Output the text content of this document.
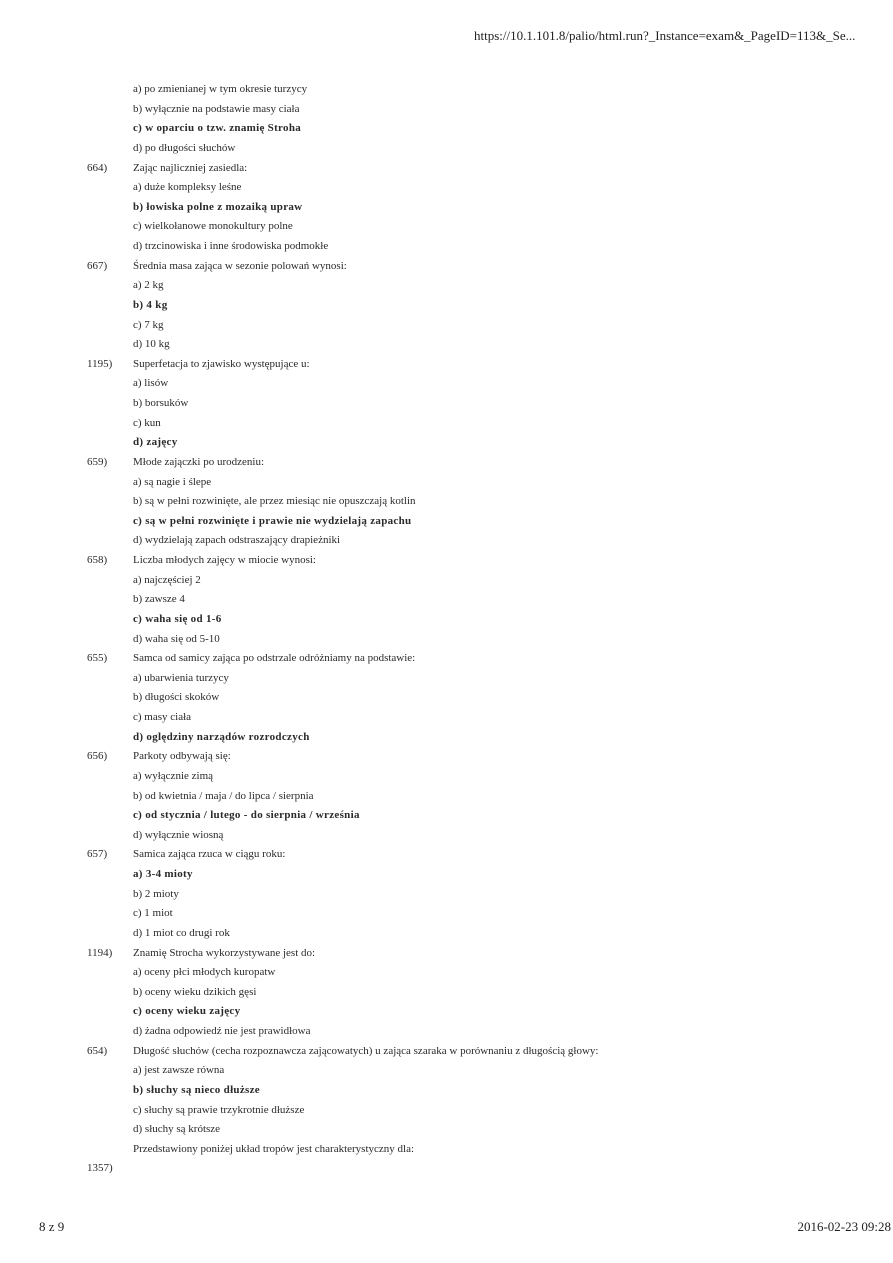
https://10.1.101.8/palio/html.run?_Instance=exam&_PageID=113&_Se...
a) po zmienianej w tym okresie turzycy
b) wyłącznie na podstawie masy ciała
c) w oparciu o tzw. znamię Stroha
d) po długości słuchów
664)	Zając najliczniej zasiedla:
a) duże kompleksy leśne
b) łowiska polne z mozaiką upraw
c) wielkołanowe monokultury polne
d) trzcinowiska i inne środowiska podmokłe
667)	Średnia masa zająca w sezonie polowań wynosi:
a) 2 kg
b) 4 kg
c) 7 kg
d) 10 kg
1195)	Superfetacja to zjawisko występujące u:
a) lisów
b) borsuków
c) kun
d) zajęcy
659)	Młode zajączki po urodzeniu:
a) są nagie i ślepe
b) są w pełni rozwinięte, ale przez miesiąc nie opuszczają kotlin
c) są w pełni rozwinięte i prawie nie wydzielają zapachu
d) wydzielają zapach odstraszający drapieżniki
658)	Liczba młodych zajęcy w miocie wynosi:
a) najczęściej 2
b) zawsze 4
c) waha się od 1-6
d) waha się od 5-10
655)	Samca od samicy zająca po odstrzale odróżniamy na podstawie:
a) ubarwienia turzycy
b) długości skoków
c) masy ciała
d) oględziny narządów rozrodczych
656)	Parkoty odbywają się:
a) wyłącznie zimą
b) od kwietnia / maja / do lipca / sierpnia
c) od stycznia / lutego - do sierpnia / września
d) wyłącznie wiosną
657)	Samica zająca rzuca w ciągu roku:
a) 3-4 mioty
b) 2 mioty
c) 1 miot
d) 1 miot co drugi rok
1194)	Znamię Strocha wykorzystywane jest do:
a) oceny płci młodych kuropatw
b) oceny wieku dzikich gęsi
c) oceny wieku zajęcy
d) żadna odpowiedź nie jest prawidłowa
654)	Długość słuchów (cecha rozpoznawcza zającowatych) u zająca szaraka w porównaniu z długością głowy:
a) jest zawsze równa
b) słuchy są nieco dłuższe
c) słuchy są prawie trzykrotnie dłuższe
d) słuchy są krótsze
Przedstawiony poniżej układ tropów jest charakterystyczny dla:
1357)
8 z 9	2016-02-23 09:28
